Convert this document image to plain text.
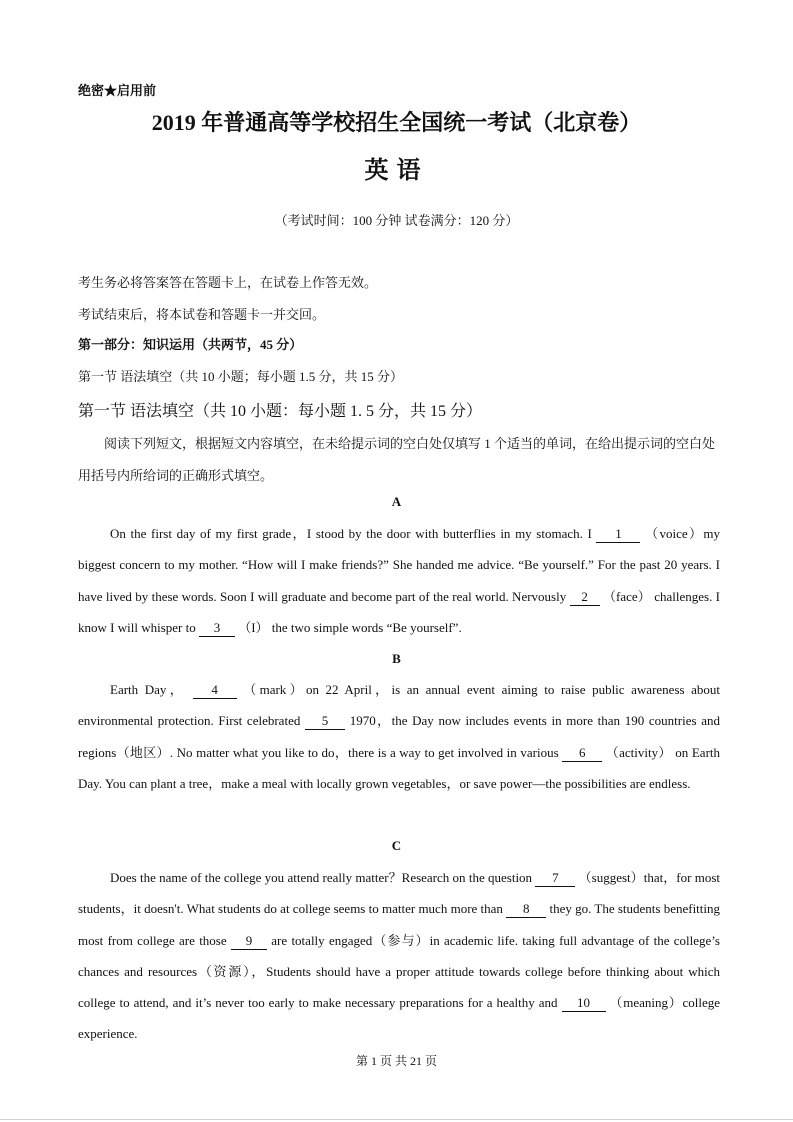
绝密★启用前
2019 年普通高等学校招生全国统一考试（北京卷）
英语
（考试时间：100 分钟 试卷满分：120 分）
考生务必将答案答在答题卡上，在试卷上作答无效。
考试结束后，将本试卷和答题卡一并交回。
第一部分：知识运用（共两节，45 分）
第一节 语法填空（共 10 小题；每小题 1.5 分，共 15 分）
第一节 语法填空（共 10 小题：每小题 1. 5 分，共 15 分）
阅读下列短文，根据短文内容填空，在未给提示词的空白处仅填写 1 个适当的单词，在给出提示词的空白处用括号内所给词的正确形式填空。
A
On the first day of my first grade，I stood by the door with butterflies in my stomach. I 1 （voice）my biggest concern to my mother. “How will I make friends?” She handed me advice. “Be yourself.” For the past 20 years. I have lived by these words. Soon I will graduate and become part of the real world. Nervously 2 （face） challenges. I know I will whisper to 3 （I） the two simple words “Be yourself”.
B
Earth Day， 4 （mark）on 22 April，is an annual event aiming to raise public awareness about environmental protection. First celebrated 5 1970，the Day now includes events in more than 190 countries and regions（地区）. No matter what you like to do，there is a way to get involved in various 6 （activity） on Earth Day. You can plant a tree，make a meal with locally grown vegetables，or save power—the possibilities are endless.
C
Does the name of the college you attend really matter？Research on the question 7 （suggest）that，for most students，it doesn't. What students do at college seems to matter much more than 8 they go. The students benefitting most from college are those 9 are totally engaged（参与）in academic life. taking full advantage of the college’s chances and resources（资源），Students should have a proper attitude towards college before thinking about which college to attend, and it’s never too early to make necessary preparations for a healthy and 10 （meaning）college experience.
第 1 页 共 21 页
